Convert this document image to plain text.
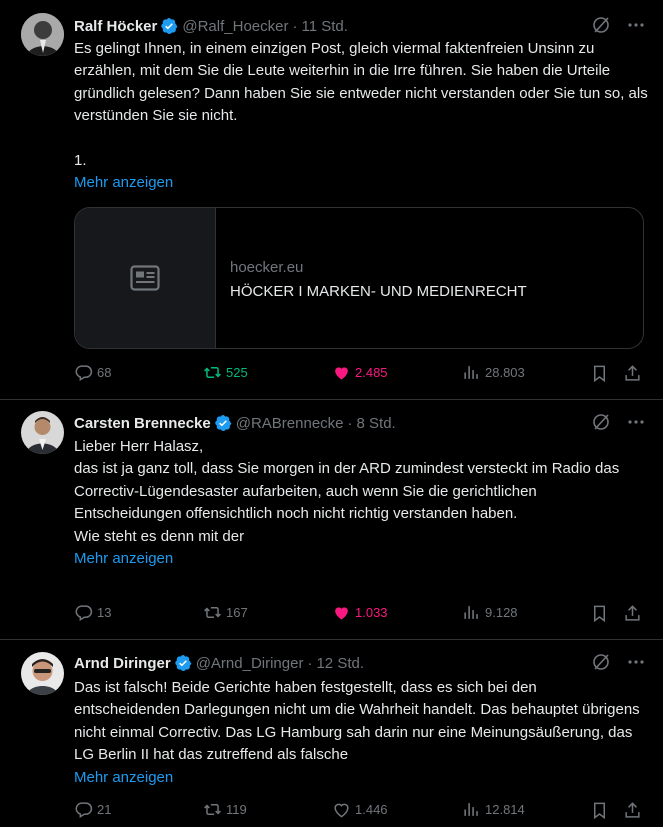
Ralf Höcker @Ralf_Hoecker · 11 Std.

Es gelingt Ihnen, in einem einzigen Post, gleich viermal faktenfreien Unsinn zu erzählen, mit dem Sie die Leute weiterhin in die Irre führen. Sie haben die Urteile gründlich gelesen? Dann haben Sie sie entweder nicht verstanden oder Sie tun so, als verstünden Sie sie nicht.

1.

Mehr anzeigen

hoecker.eu
HÖCKER I MARKEN- UND MEDIENRECHT
68	525	2.485	28.803
Carsten Brennecke @RABrennecke · 8 Std.

Lieber Herr Halasz,

das ist ja ganz toll, dass Sie morgen in der ARD zumindest versteckt im Radio das Correctiv-Lügendesaster aufarbeiten, auch wenn Sie die gerichtlichen Entscheidungen offensichtlich noch nicht richtig verstanden haben.

Wie steht es denn mit der

Mehr anzeigen

13	167	1.033	9.128
Arnd Diringer @Arnd_Diringer · 12 Std.

Das ist falsch! Beide Gerichte haben festgestellt, dass es sich bei den entscheidenden Darlegungen nicht um die Wahrheit handelt. Das behauptet übrigens nicht einmal Correctiv. Das LG Hamburg sah darin nur eine Meinungsäußerung, das LG Berlin II hat das zutreffend als falsche

Mehr anzeigen

21	119	1.446	12.814
